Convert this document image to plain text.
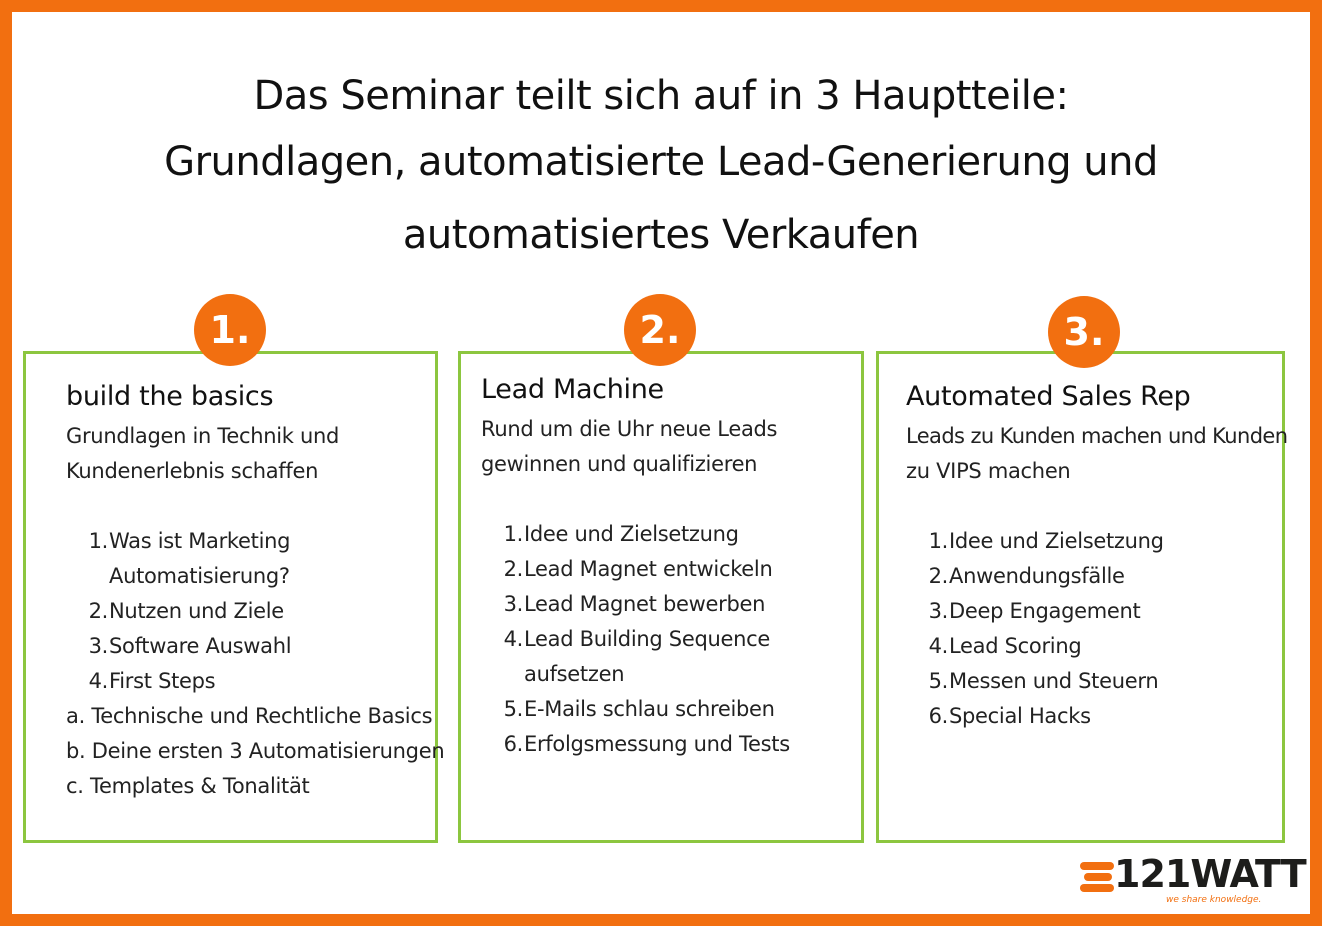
Das Seminar teilt sich auf in 3 Hauptteile:
Grundlagen, automatisierte Lead-Generierung und
automatisiertes Verkaufen
1.
build the basics
Grundlagen in Technik und
Kundenerlebnis schaffen
1. Was ist Marketing
Automatisierung?
2. Nutzen und Ziele
3. Software Auswahl
4. First Steps
a. Technische und Rechtliche Basics
b. Deine ersten 3 Automatisierungen
c. Templates & Tonalität
2.
Lead Machine
Rund um die Uhr neue Leads
gewinnen und qualifizieren
1. Idee und Zielsetzung
2. Lead Magnet entwickeln
3. Lead Magnet bewerben
4. Lead Building Sequence
aufsetzen
5. E-Mails schlau schreiben
6. Erfolgsmessung und Tests
3.
Automated Sales Rep
Leads zu Kunden machen und Kunden
zu VIPS machen
1. Idee und Zielsetzung
2. Anwendungsfälle
3. Deep Engagement
4. Lead Scoring
5. Messen und Steuern
6. Special Hacks
121WATT
we share knowledge.
